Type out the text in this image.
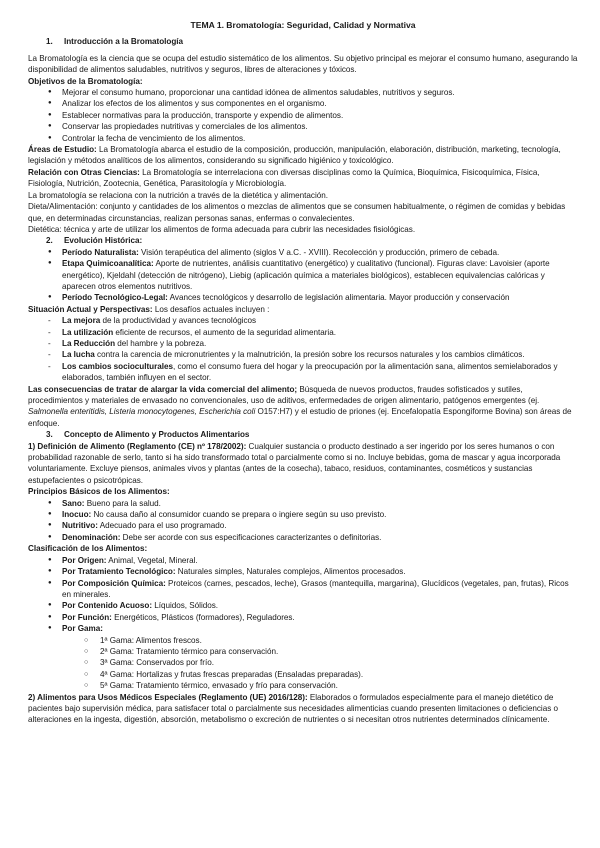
TEMA 1. Bromatología: Seguridad, Calidad y Normativa
1. Introducción a la Bromatología

La Bromatología es la ciencia que se ocupa del estudio sistemático de los alimentos. Su objetivo principal es mejorar el consumo humano, asegurando la disponibilidad de alimentos saludables, nutritivos y seguros, libres de alteraciones y tóxicos.

Objetivos de la Bromatología:

● Mejorar el consumo humano, proporcionar una cantidad idónea de alimentos saludables, nutritivos y seguros.
● Analizar los efectos de los alimentos y sus componentes en el organismo.
● Establecer normativas para la producción, transporte y expendio de alimentos.
● Conservar las propiedades nutritivas y comerciales de los alimentos.
● Controlar la fecha de vencimiento de los alimentos.

Áreas de Estudio: La Bromatología abarca el estudio de la composición, producción, manipulación, elaboración, distribución, marketing, tecnología, legislación y métodos analíticos de los alimentos, considerando su significado higiénico y toxicológico.

Relación con Otras Ciencias: La Bromatología se interrelaciona con diversas disciplinas como la Química, Bioquímica, Fisicoquímica, Física, Fisiología, Nutrición, Zootecnia, Genética, Parasitología y Microbiología.

La bromatología se relaciona con la nutrición a través de la dietética y alimentación.

Dieta/Alimentación: conjunto y cantidades de los alimentos o mezclas de alimentos que se consumen habitualmente, o régimen de comidas y bebidas que, en determinadas circunstancias, realizan personas sanas, enfermas o convalecientes.

Dietética: técnica y arte de utilizar los alimentos de forma adecuada para cubrir las necesidades fisiológicas.

2. Evolución Histórica:
● Período Naturalista: Visión terapéutica del alimento (siglos V a.C. - XVIII). Recolección y producción, primero de cebada.
● Etapa Quimicoanalítica: Aporte de nutrientes, análisis cuantitativo (energético) y cualitativo (funcional). Figuras clave: Lavoisier (aporte energético), Kjeldahl (detección de nitrógeno), Liebig (aplicación química a materiales biológicos), establecen equivalencias calóricas y aparecen otros elementos nutritivos.
● Período Tecnológico-Legal: Avances tecnológicos y desarrollo de legislación alimentaria. Mayor producción y conservación

Situación Actual y Perspectivas: Los desafíos actuales incluyen :

- La mejora de la productividad y avances tecnológicos
- La utilización eficiente de recursos, el aumento de la seguridad alimentaria.
- La Reducción del hambre y la pobreza.
- La lucha contra la carencia de micronutrientes y la malnutrición, la presión sobre los recursos naturales y los cambios climáticos.
- Los cambios socioculturales, como el consumo fuera del hogar y la preocupación por la alimentación sana, alimentos semielaborados y elaborados, también influyen en el sector.

Las consecuencias de tratar de alargar la vida comercial del alimento; Búsqueda de nuevos productos, fraudes sofisticados y sutiles, procedimientos y materiales de envasado no convencionales, uso de aditivos, enfermedades de origen alimentario, patógenos emergentes (ej. Salmonella enteritidis, Listeria monocytogenes, Escherichia coli O157:H7) y el estudio de priones (ej. Encefalopatía Espongiforme Bovina) son áreas de enfoque.

3. Concepto de Alimento y Productos Alimentarios

1) Definición de Alimento (Reglamento (CE) nº 178/2002): Cualquier sustancia o producto destinado a ser ingerido por los seres humanos o con probabilidad razonable de serlo, tanto si ha sido transformado total o parcialmente como si no. Incluye bebidas, goma de mascar y agua incorporada voluntariamente. Excluye piensos, animales vivos y plantas (antes de la cosecha), tabaco, residuos, contaminantes, cosméticos y sustancias estupefacientes o psicotrópicas.

Principios Básicos de los Alimentos:

● Sano: Bueno para la salud.
● Inocuo: No causa daño al consumidor cuando se prepara o ingiere según su uso previsto.
● Nutritivo: Adecuado para el uso programado.
● Denominación: Debe ser acorde con sus especificaciones caracterizantes o definitorias.

Clasificación de los Alimentos:

● Por Origen: Animal, Vegetal, Mineral.
● Por Tratamiento Tecnológico: Naturales simples, Naturales complejos, Alimentos procesados.
● Por Composición Química: Proteicos (carnes, pescados, leche), Grasos (mantequilla, margarina), Glucídicos (vegetales, pan, frutas), Ricos en minerales.
● Por Contenido Acuoso: Líquidos, Sólidos.
● Por Función: Energéticos, Plásticos (formadores), Reguladores.
● Por Gama:
○ 1ª Gama: Alimentos frescos.
○ 2ª Gama: Tratamiento térmico para conservación.
○ 3ª Gama: Conservados por frío.
○ 4ª Gama: Hortalizas y frutas frescas preparadas (Ensaladas preparadas).
○ 5ª Gama: Tratamiento térmico, envasado y frío para conservación.

2) Alimentos para Usos Médicos Especiales (Reglamento (UE) 2016/128): Elaborados o formulados especialmente para el manejo dietético de pacientes bajo supervisión médica, para satisfacer total o parcialmente sus necesidades alimenticias cuando presenten limitaciones o deficiencias o alteraciones en la ingesta, digestión, absorción, metabolismo o excreción de nutrientes o si necesitan otros nutrientes determinados clínicamente.
